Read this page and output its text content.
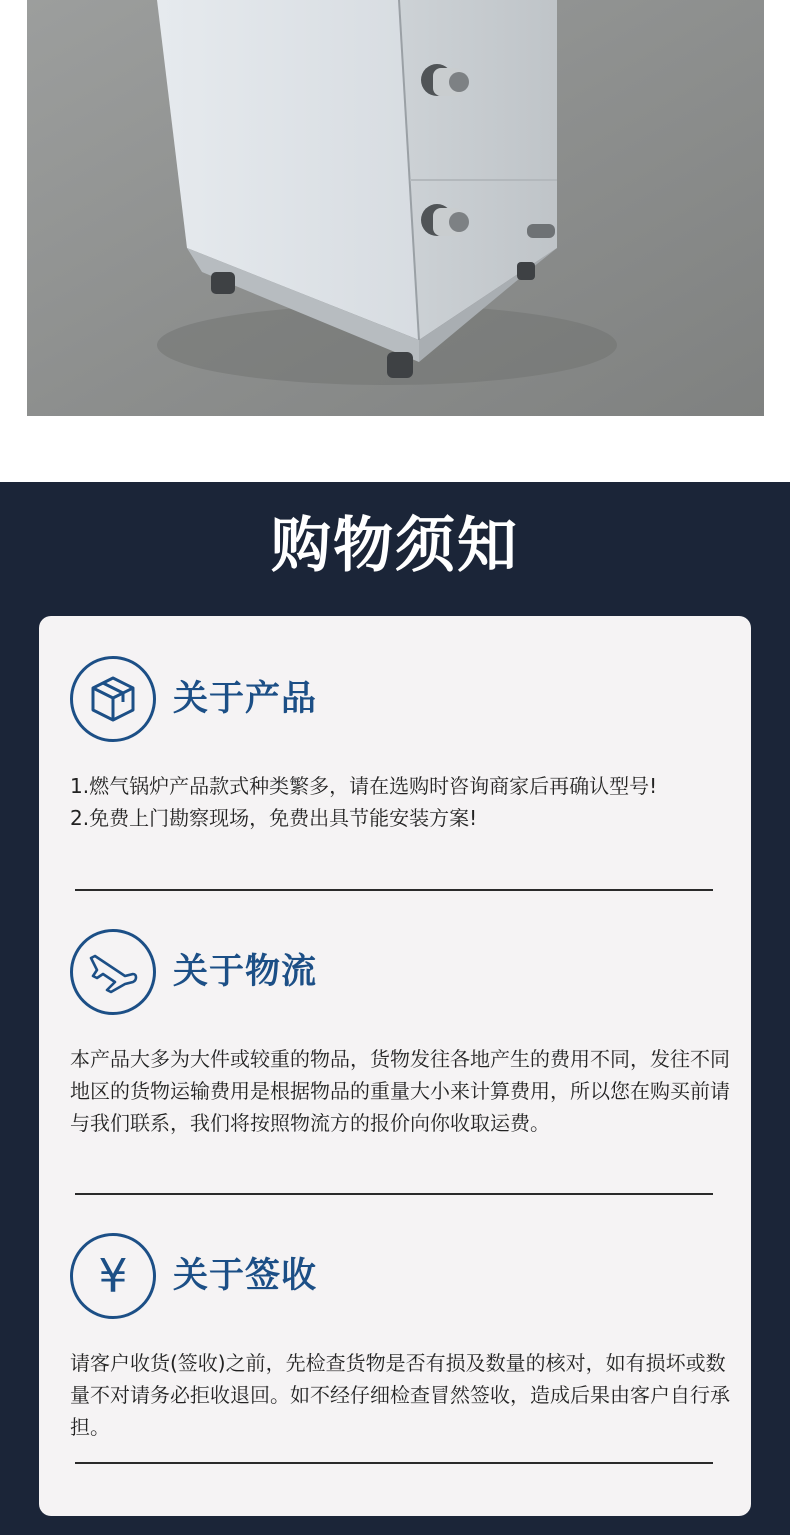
购物须知
关于产品

1.燃气锅炉产品款式种类繁多，请在选购时咨询商家后再确认型号!

2.免费上门勘察现场，免费出具节能安装方案!

关于物流

本产品大多为大件或较重的物品，货物发往各地产生的费用不同，发往不同地区的货物运输费用是根据物品的重量大小来计算费用，所以您在购买前请与我们联系，我们将按照物流方的报价向你收取运费。

¥ 关于签收

请客户收货(签收)之前，先检查货物是否有损及数量的核对，如有损坏或数量不对请务必拒收退回。如不经仔细检查冒然签收，造成后果由客户自行承担。
